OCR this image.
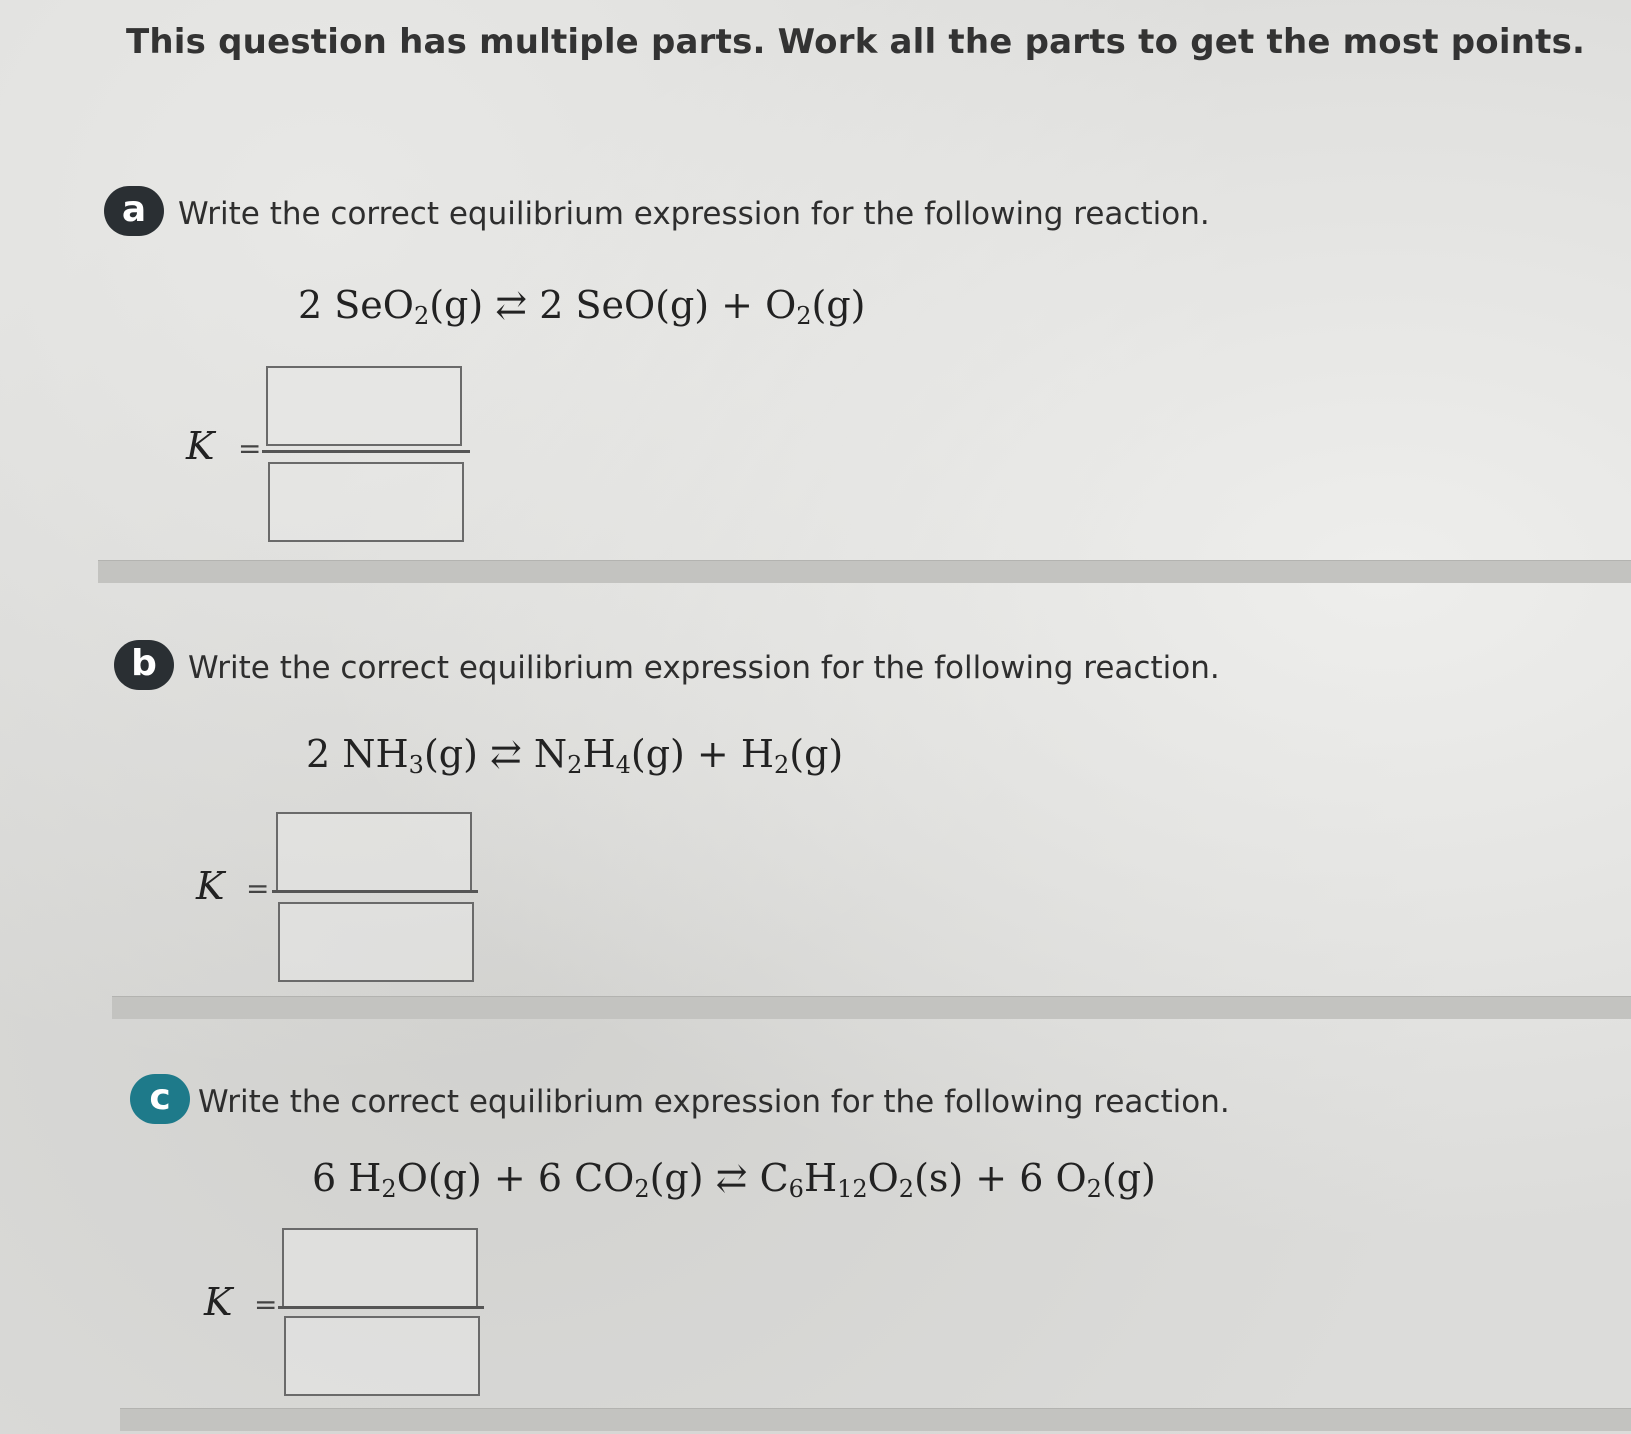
This question has multiple parts. Work all the parts to get the most points.
a	Write the correct equilibrium expression for the following reaction.
2 SeO$_2$(g) ⇄ 2 $SeO(g) + O_2(g)$
K =
b	Write the correct equilibrium expression for the following reaction.
2 $NH_3(g)$ ⇄ $N_2H_4(g) + H_2(g)$
K =
c Write the correct equilibrium expression for the following reaction.
6 $H_2O(g) + 6$ $CO_2(g)$ ⇄ $C_6H_{12}O_2(s) + 6$ $O_2(g)$
K =
